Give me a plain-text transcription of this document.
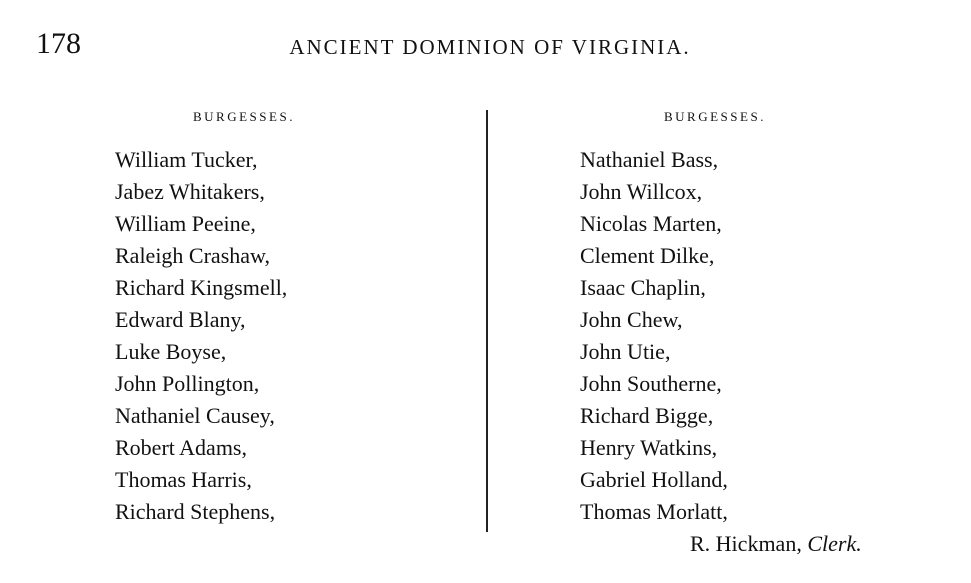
178	ANCIENT DOMINION OF VIRGINIA.
BURGESSES.
William Tucker,
Jabez Whitakers,
William Peeine,
Raleigh Crashaw,
Richard Kingsmell,
Edward Blany,
Luke Boyse,
John Pollington,
Nathaniel Causey,
Robert Adams,
Thomas Harris,
Richard Stephens,
BURGESSES.
Nathaniel Bass,
John Willcox,
Nicolas Marten,
Clement Dilke,
Isaac Chaplin,
John Chew,
John Utie,
John Southerne,
Richard Bigge,
Henry Watkins,
Gabriel Holland,
Thomas Morlatt,
R. Hickman, Clerk.
